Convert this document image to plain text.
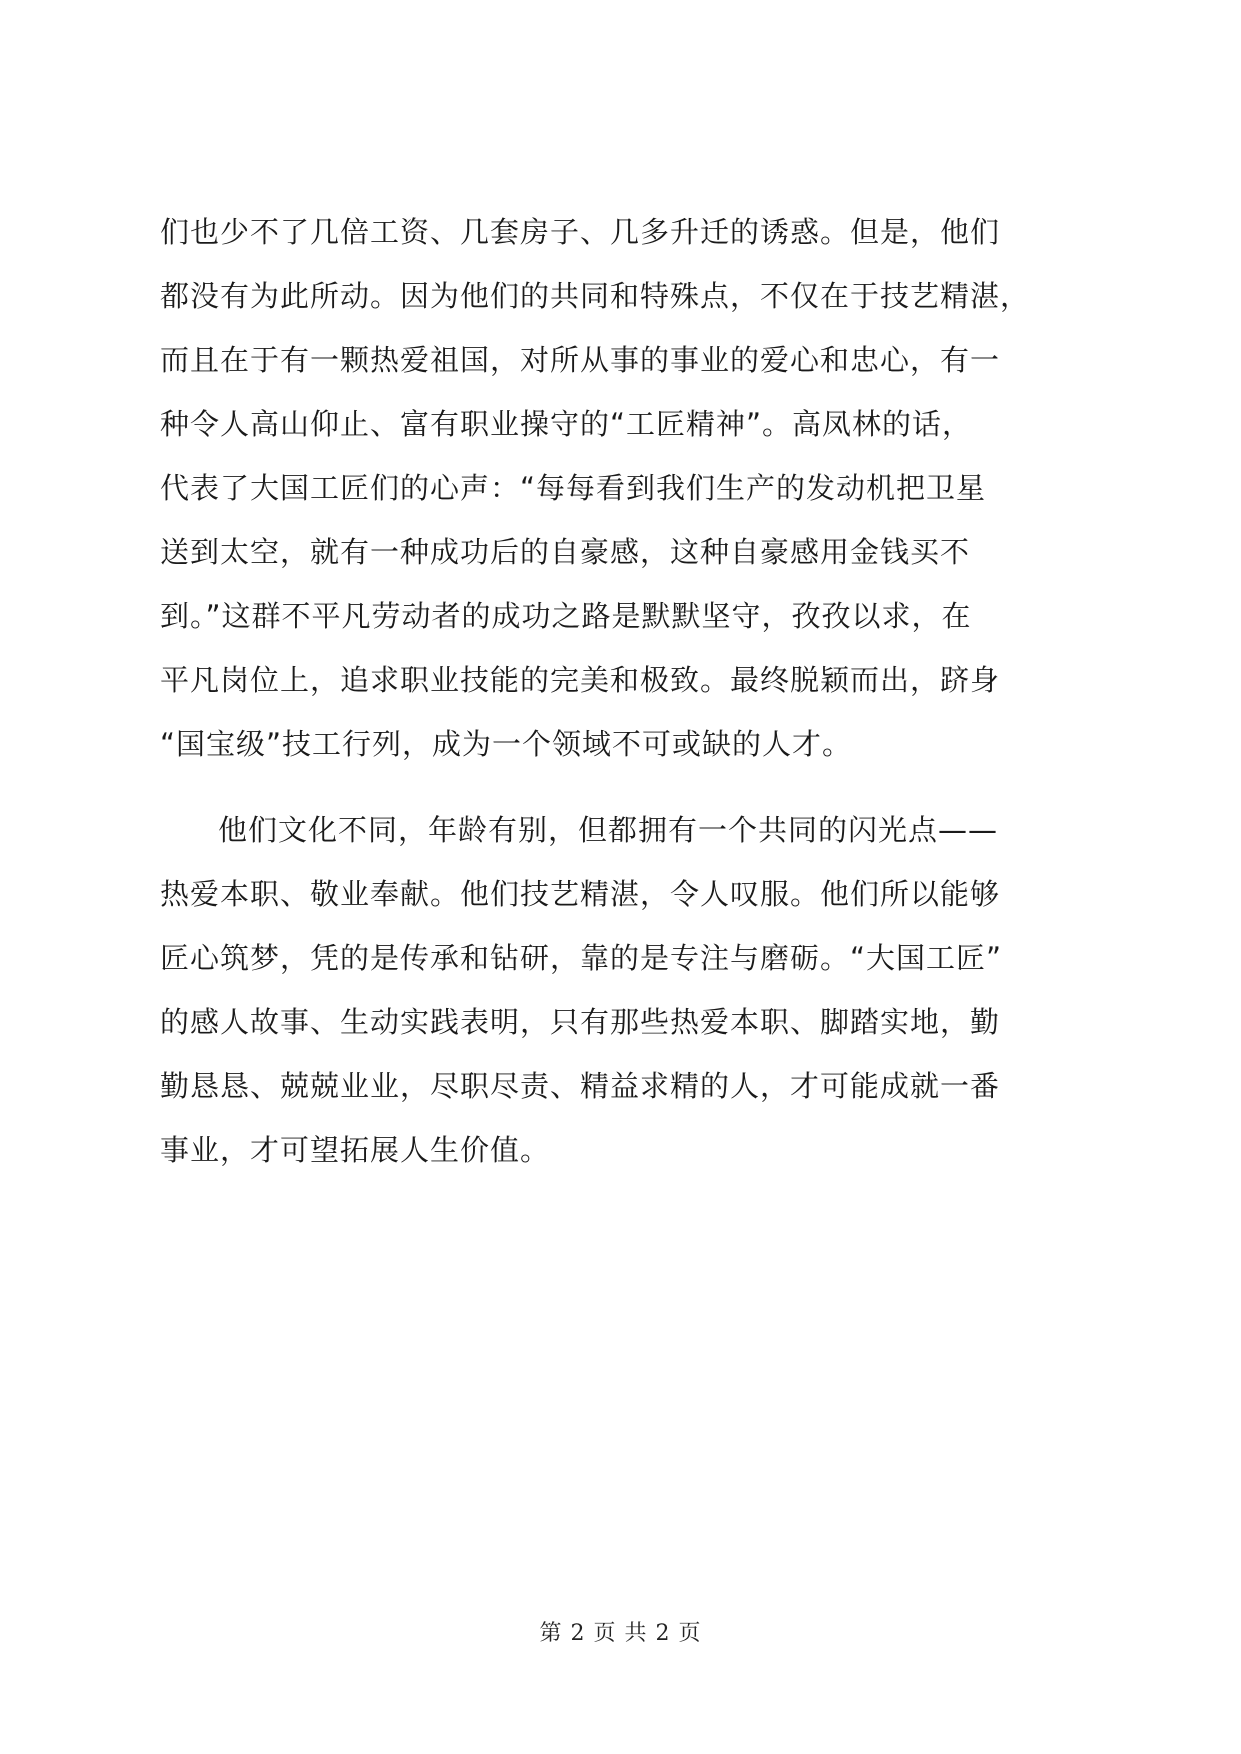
们也少不了几倍工资、几套房子、几多升迁的诱惑。但是，他们
都没有为此所动。因为他们的共同和特殊点，不仅在于技艺精湛，
而且在于有一颗热爱祖国，对所从事的事业的爱心和忠心，有一
种令人高山仰止、富有职业操守的“工匠精神”。高凤林的话，
代表了大国工匠们的心声：“每每看到我们生产的发动机把卫星
送到太空，就有一种成功后的自豪感，这种自豪感用金钱买不
到。”这群不平凡劳动者的成功之路是默默坚守，孜孜以求，在
平凡岗位上，追求职业技能的完美和极致。最终脱颖而出，跻身
“国宝级”技工行列，成为一个领域不可或缺的人才。
他们文化不同，年龄有别，但都拥有一个共同的闪光点——
热爱本职、敬业奉献。他们技艺精湛，令人叹服。他们所以能够
匠心筑梦，凭的是传承和钻研，靠的是专注与磨砺。“大国工匠”
的感人故事、生动实践表明，只有那些热爱本职、脚踏实地，勤
勤恳恳、兢兢业业，尽职尽责、精益求精的人，才可能成就一番
事业，才可望拓展人生价值。
第 2 页 共 2 页
